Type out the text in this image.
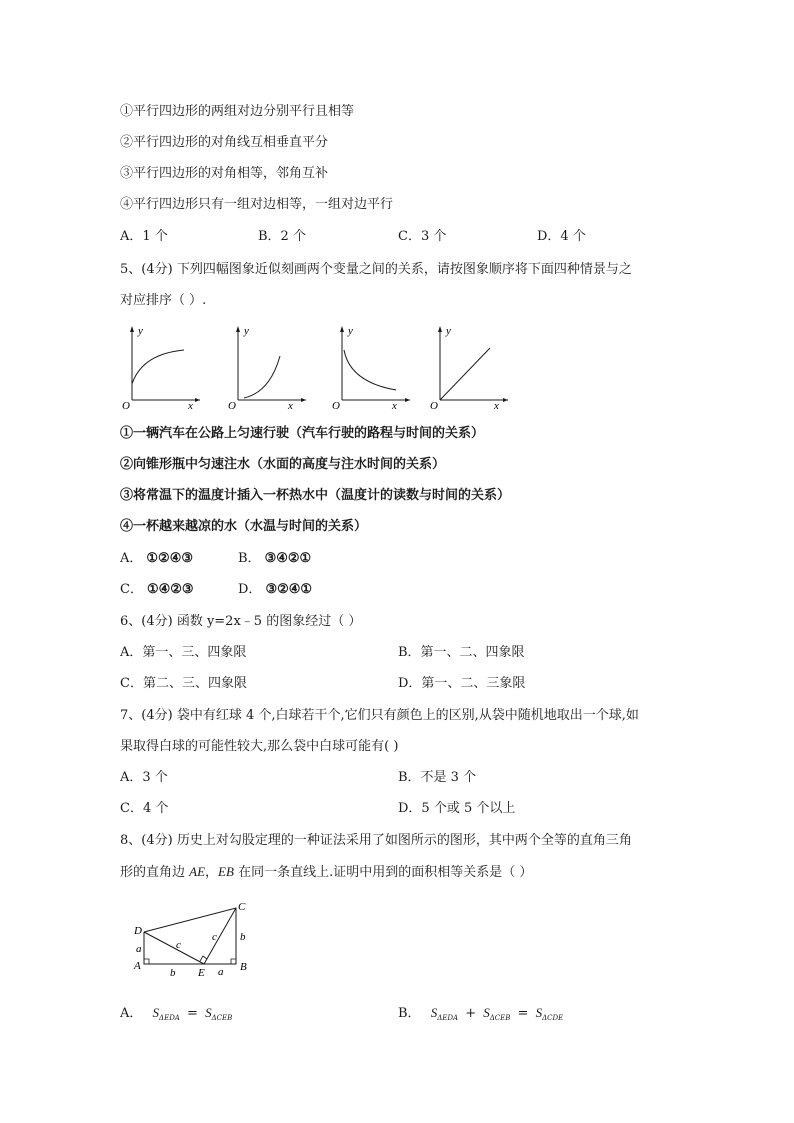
①平行四边形的两组对边分别平行且相等
②平行四边形的对角线互相垂直平分
③平行四边形的对角相等，邻角互补
④平行四边形只有一组对边相等，一组对边平行
A．1 个	B．2 个	C．3 个	D．4 个
5、(4分) 下列四幅图象近似刻画两个变量之间的关系，请按图象顺序将下面四种情景与之
对应排序（ ）.
y
x
O
y
x
O
y
x
O
y
x
O
①一辆汽车在公路上匀速行驶（汽车行驶的路程与时间的关系）
②向锥形瓶中匀速注水（水面的高度与注水时间的关系）
③将常温下的温度计插入一杯热水中（温度计的读数与时间的关系）
④一杯越来越凉的水（水温与时间的关系）
A． ①②④③	B． ③④②①
C． ①④②③	D． ③②④①
6、(4分) 函数 y=2x﹣5 的图象经过（ ）
A．第一、三、四象限	B．第一、二、四象限
C．第二、三、四象限	D．第一、二、三象限
7、(4分) 袋中有红球 4 个,白球若干个,它们只有颜色上的区别,从袋中随机地取出一个球,如
果取得白球的可能性较大,那么袋中白球可能有( )
A．3 个	B．不是 3 个
C．4 个	D．5 个或 5 个以上
8、(4分) 历史上对勾股定理的一种证法采用了如图所示的图形，其中两个全等的直角三角
形的直角边 AE，EB 在同一条直线上.证明中用到的面积相等关系是（ ）
D
A
E	B
C
a
b	a
b
c
c
A． $S_{\Delta EDA} = S_{\Delta CEB}$	B． $S_{\Delta EDA} + S_{\Delta CEB} = S_{\Delta CDE}$
